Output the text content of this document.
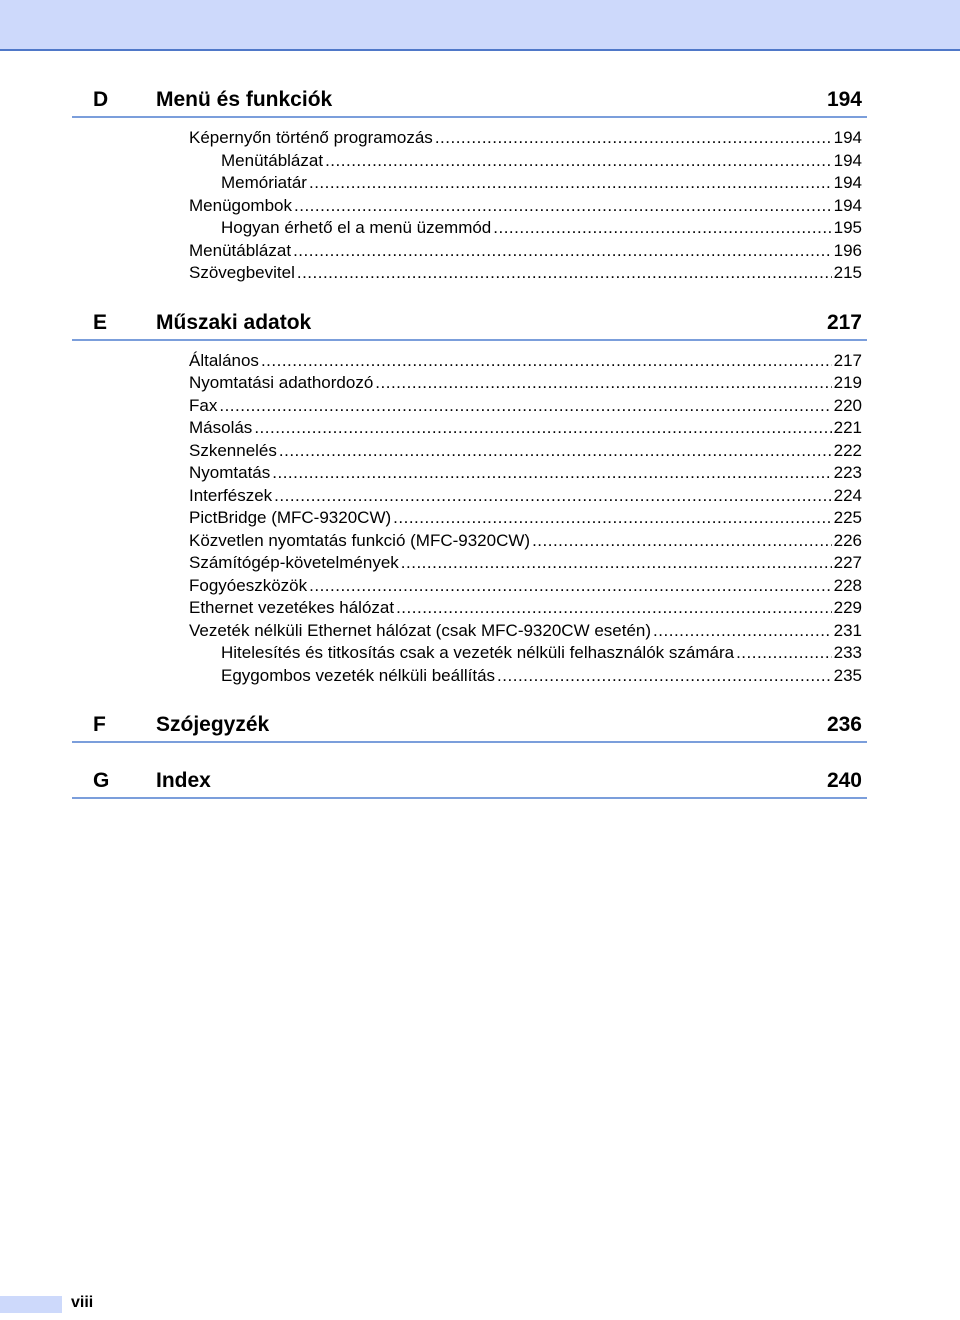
D	Menü és funkciók	194
Képernyőn történő programozás .....	194
Menütáblázat .....	194
Memóriatár .....	194
Menügombok .....	194
Hogyan érhető el a menü üzemmód .....	195
Menütáblázat .....	196
Szövegbevitel .....	215
E	Műszaki adatok	217
Általános .....	217
Nyomtatási adathordozó .....	219
Fax .....	220
Másolás .....	221
Szkennelés .....	222
Nyomtatás .....	223
Interfészek .....	224
PictBridge (MFC-9320CW) .....	225
Közvetlen nyomtatás funkció (MFC-9320CW) .....	226
Számítógép-követelmények .....	227
Fogyóeszközök .....	228
Ethernet vezetékes hálózat .....	229
Vezeték nélküli Ethernet hálózat (csak MFC-9320CW esetén) .....	231
Hitelesítés és titkosítás csak a vezeték nélküli felhasználók számára .....	233
Egygombos vezeték nélküli beállítás .....	235
F	Szójegyzék	236
G	Index	240
viii
